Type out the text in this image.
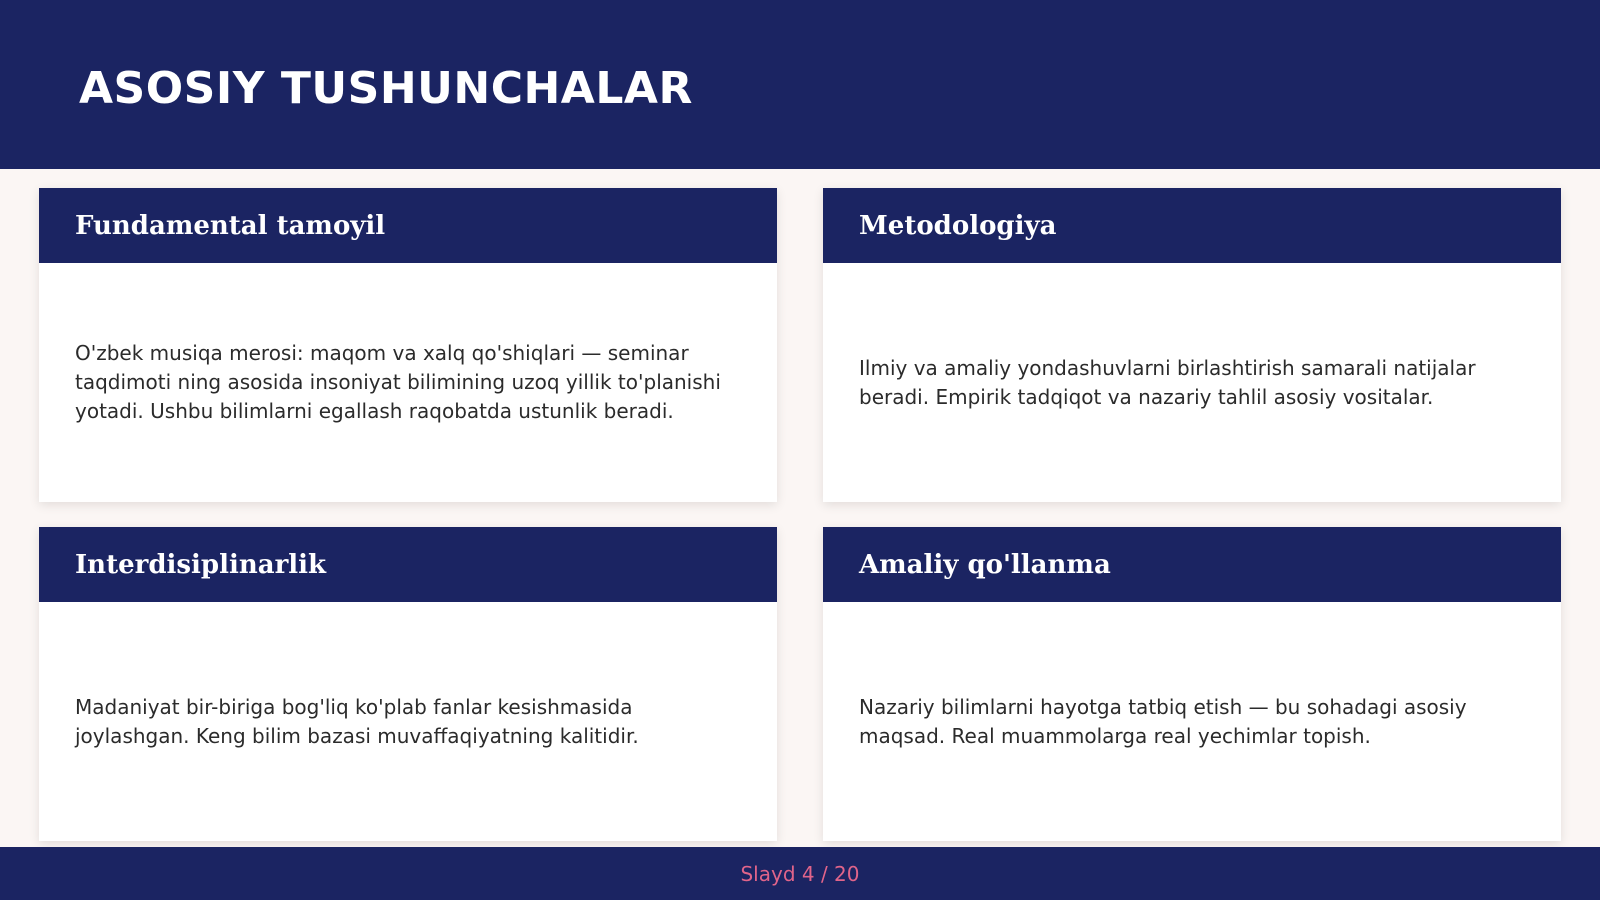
ASOSIY TUSHUNCHALAR
Fundamental tamoyil

O'zbek musiqa merosi: maqom va xalq qo'shiqlari — seminar taqdimoti ning asosida insoniyat bilimining uzoq yillik to'planishi yotadi. Ushbu bilimlarni egallash raqobatda ustunlik beradi.

Metodologiya

Ilmiy va amaliy yondashuvlarni birlashtirish samarali natijalar beradi. Empirik tadqiqot va nazariy tahlil asosiy vositalar.

Interdisiplinarlik

Madaniyat bir-biriga bog'liq ko'plab fanlar kesishmasida joylashgan. Keng bilim bazasi muvaffaqiyatning kalitidir.

Amaliy qo'llanma

Nazariy bilimlarni hayotga tatbiq etish — bu sohadagi asosiy maqsad. Real muammolarga real yechimlar topish.

Slayd 4 / 20
